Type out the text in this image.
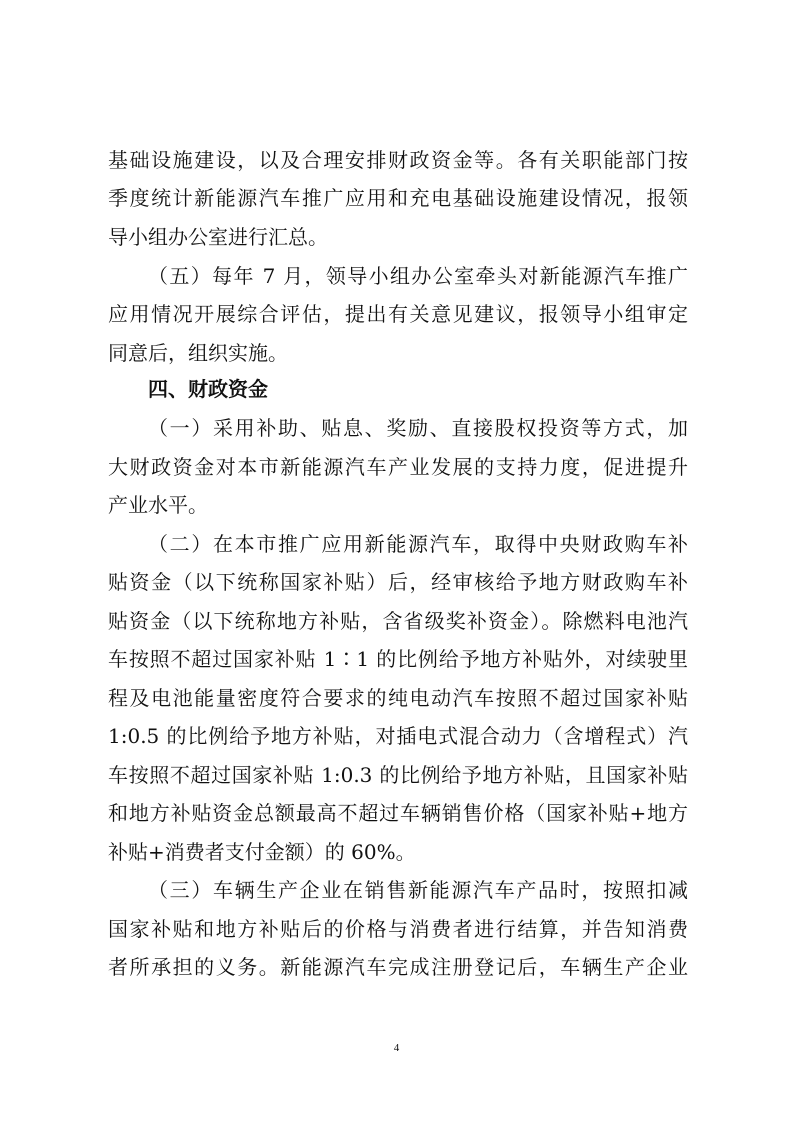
基础设施建设，以及合理安排财政资金等。各有关职能部门按
季度统计新能源汽车推广应用和充电基础设施建设情况，报领
导小组办公室进行汇总。
（五）每年 7 月，领导小组办公室牵头对新能源汽车推广
应用情况开展综合评估，提出有关意见建议，报领导小组审定
同意后，组织实施。
四、财政资金
（一）采用补助、贴息、奖励、直接股权投资等方式，加
大财政资金对本市新能源汽车产业发展的支持力度，促进提升
产业水平。
（二）在本市推广应用新能源汽车，取得中央财政购车补
贴资金（以下统称国家补贴）后，经审核给予地方财政购车补
贴资金（以下统称地方补贴，含省级奖补资金）。除燃料电池汽
车按照不超过国家补贴 1∶1 的比例给予地方补贴外，对续驶里
程及电池能量密度符合要求的纯电动汽车按照不超过国家补贴
1:0.5 的比例给予地方补贴，对插电式混合动力（含增程式）汽
车按照不超过国家补贴 1:0.3 的比例给予地方补贴，且国家补贴
和地方补贴资金总额最高不超过车辆销售价格（国家补贴+地方
补贴+消费者支付金额）的 60%。
（三）车辆生产企业在销售新能源汽车产品时，按照扣减
国家补贴和地方补贴后的价格与消费者进行结算，并告知消费
者所承担的义务。新能源汽车完成注册登记后，车辆生产企业
4
